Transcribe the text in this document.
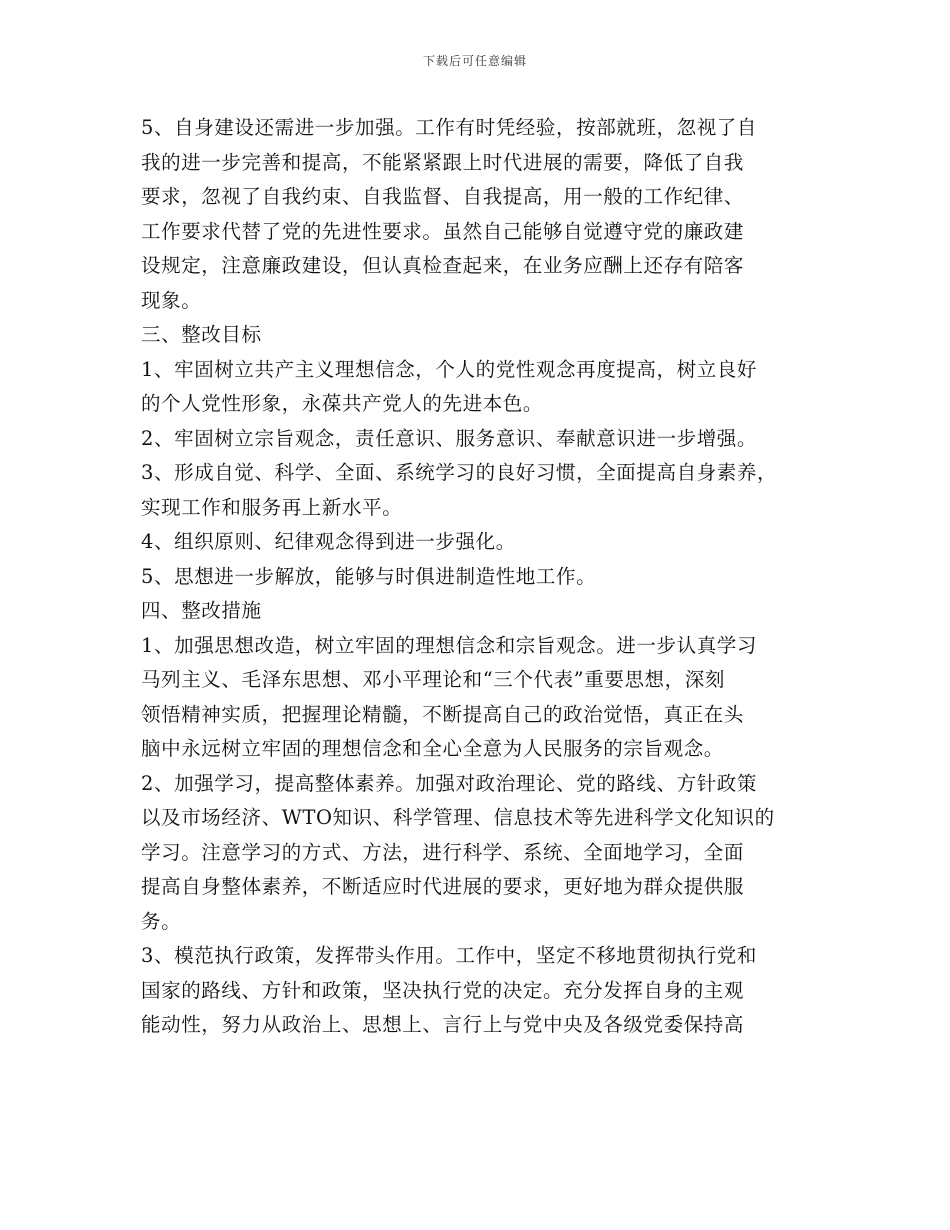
下载后可任意编辑
5、自身建设还需进一步加强。工作有时凭经验，按部就班，忽视了自
我的进一步完善和提高，不能紧紧跟上时代进展的需要，降低了自我
要求，忽视了自我约束、自我监督、自我提高，用一般的工作纪律、
工作要求代替了党的先进性要求。虽然自己能够自觉遵守党的廉政建
设规定，注意廉政建设，但认真检查起来，在业务应酬上还存有陪客
现象。
三、整改目标
1、牢固树立共产主义理想信念，个人的党性观念再度提高，树立良好
的个人党性形象，永葆共产党人的先进本色。
2、牢固树立宗旨观念，责任意识、服务意识、奉献意识进一步增强。
3、形成自觉、科学、全面、系统学习的良好习惯，全面提高自身素养，
实现工作和服务再上新水平。
4、组织原则、纪律观念得到进一步强化。
5、思想进一步解放，能够与时俱进制造性地工作。
四、整改措施
1、加强思想改造，树立牢固的理想信念和宗旨观念。进一步认真学习
马列主义、毛泽东思想、邓小平理论和“三个代表”重要思想，深刻
领悟精神实质，把握理论精髓，不断提高自己的政治觉悟，真正在头
脑中永远树立牢固的理想信念和全心全意为人民服务的宗旨观念。
2、加强学习，提高整体素养。加强对政治理论、党的路线、方针政策
以及市场经济、WTO知识、科学管理、信息技术等先进科学文化知识的
学习。注意学习的方式、方法，进行科学、系统、全面地学习，全面
提高自身整体素养，不断适应时代进展的要求，更好地为群众提供服
务。
3、模范执行政策，发挥带头作用。工作中，坚定不移地贯彻执行党和
国家的路线、方针和政策，坚决执行党的决定。充分发挥自身的主观
能动性，努力从政治上、思想上、言行上与党中央及各级党委保持高
